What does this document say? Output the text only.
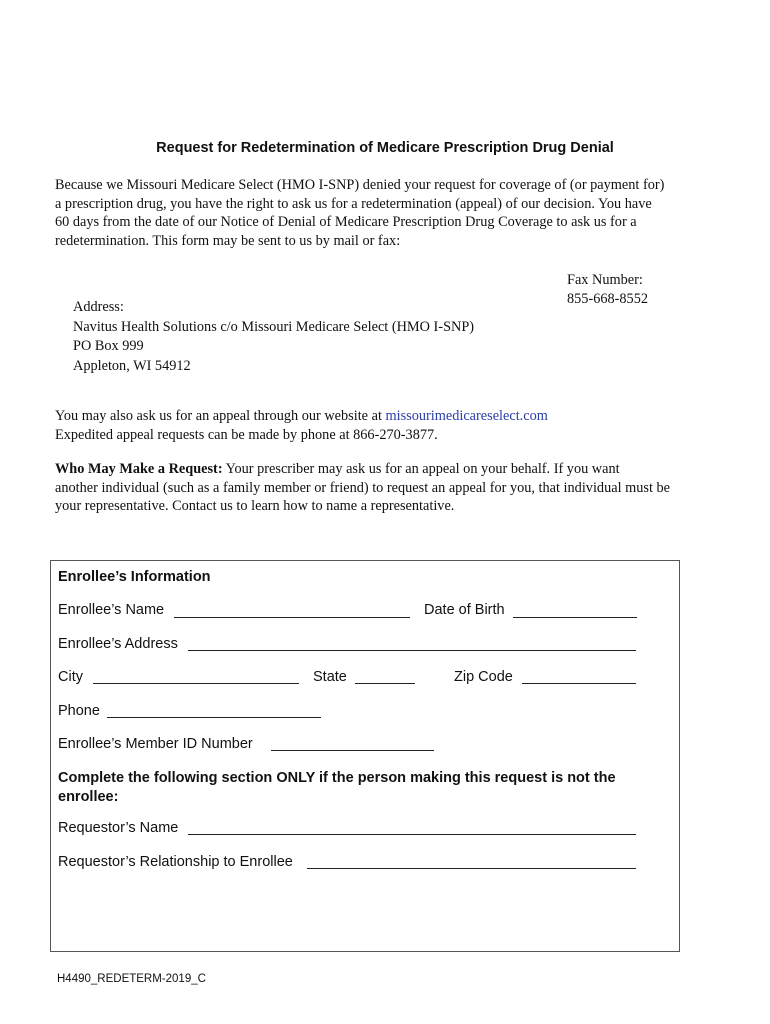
Request for Redetermination of Medicare Prescription Drug Denial

Because we Missouri Medicare Select (HMO I-SNP) denied your request for coverage of (or payment for)

a prescription drug, you have the right to ask us for a redetermination (appeal) of our decision. You have

60 days from the date of our Notice of Denial of Medicare Prescription Drug Coverage to ask us for a

redetermination. This form may be sent to us by mail or fax:

Fax Number:
855-668-8552
Address:
Navitus Health Solutions c/o Missouri Medicare Select (HMO I-SNP)
PO Box 999
Appleton, WI 54912

You may also ask us for an appeal through our website at missourimedicareselect.com

Expedited appeal requests can be made by phone at 866-270-3877.

Who May Make a Request: Your prescriber may ask us for an appeal on your behalf. If you want

another individual (such as a family member or friend) to request an appeal for you, that individual must be

your representative. Contact us to learn how to name a representative.

Enrollee’s Information
Enrollee’s Name	Date of Birth
Enrollee’s Address
City	State	Zip Code
Phone
Enrollee’s Member ID Number
Complete the following section ONLY if the person making this request is not the
enrollee:
Requestor’s Name
Requestor’s Relationship to Enrollee
H4490_REDETERM-2019_C
